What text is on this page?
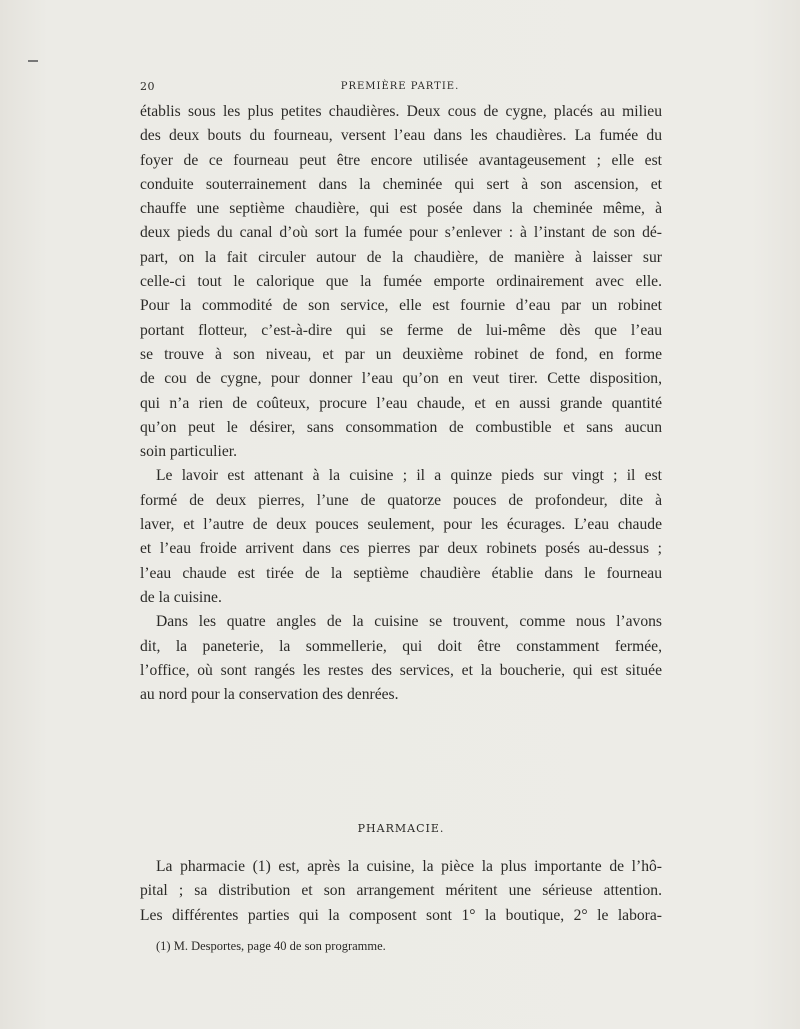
20	PREMIÈRE PARTIE.
établis sous les plus petites chaudières. Deux cous de cygne, placés au milieu
des deux bouts du fourneau, versent l’eau dans les chaudières. La fumée du
foyer de ce fourneau peut être encore utilisée avantageusement ; elle est
conduite souterrainement dans la cheminée qui sert à son ascension, et
chauffe une septième chaudière, qui est posée dans la cheminée même, à
deux pieds du canal d’où sort la fumée pour s’enlever : à l’instant de son dé-
part, on la fait circuler autour de la chaudière, de manière à laisser sur
celle-ci tout le calorique que la fumée emporte ordinairement avec elle.
Pour la commodité de son service, elle est fournie d’eau par un robinet
portant flotteur, c’est-à-dire qui se ferme de lui-même dès que l’eau
se trouve à son niveau, et par un deuxième robinet de fond, en forme
de cou de cygne, pour donner l’eau qu’on en veut tirer. Cette disposition,
qui n’a rien de coûteux, procure l’eau chaude, et en aussi grande quantité
qu’on peut le désirer, sans consommation de combustible et sans aucun
soin particulier.
Le lavoir est attenant à la cuisine ; il a quinze pieds sur vingt ; il est
formé de deux pierres, l’une de quatorze pouces de profondeur, dite à
laver, et l’autre de deux pouces seulement, pour les écurages. L’eau chaude
et l’eau froide arrivent dans ces pierres par deux robinets posés au-dessus ;
l’eau chaude est tirée de la septième chaudière établie dans le fourneau
de la cuisine.
Dans les quatre angles de la cuisine se trouvent, comme nous l’avons
dit, la paneterie, la sommellerie, qui doit être constamment fermée,
l’office, où sont rangés les restes des services, et la boucherie, qui est située
au nord pour la conservation des denrées.
PHARMACIE.
La pharmacie (1) est, après la cuisine, la pièce la plus importante de l’hô-
pital ; sa distribution et son arrangement méritent une sérieuse attention.
Les différentes parties qui la composent sont 1° la boutique, 2° le labora-
(1) M. Desportes, page 40 de son programme.
